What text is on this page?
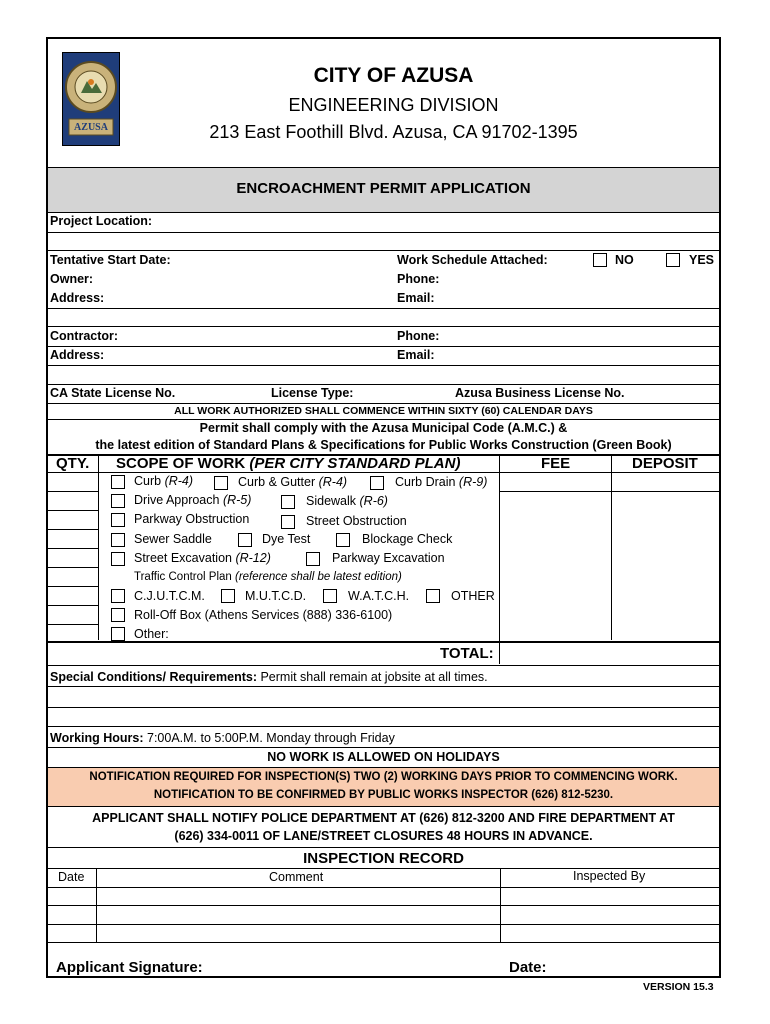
AZUSA
CITY OF AZUSA
ENGINEERING DIVISION
213 East Foothill Blvd. Azusa, CA 91702-1395
ENCROACHMENT PERMIT APPLICATION
Project Location:
Tentative Start Date:	Work Schedule Attached:	NO	YES
Owner:	Phone:
Address:	Email:
Contractor:	Phone:
Address:	Email:
CA State License No.	License Type:	Azusa Business License No.
ALL WORK AUTHORIZED SHALL COMMENCE WITHIN SIXTY (60) CALENDAR DAYS
Permit shall comply with the Azusa Municipal Code (A.M.C.) &
the latest edition of Standard Plans & Specifications for Public Works Construction (Green Book)
QTY. SCOPE OF WORK (PER CITY STANDARD PLAN)	FEE	DEPOSIT
Curb (R-4)	Curb & Gutter (R-4)	Curb Drain (R-9)
Drive Approach (R-5)	Sidewalk (R-6)
Parkway Obstruction	Street Obstruction
Sewer Saddle	Dye Test	Blockage Check
Street Excavation (R-12)	Parkway Excavation
Traffic Control Plan (reference shall be latest edition)
C.J.U.T.C.M.	M.U.T.C.D.	W.A.T.C.H.	OTHER
Roll-Off Box (Athens Services (888) 336-6100)
Other:
TOTAL:
Special Conditions/ Requirements: Permit shall remain at jobsite at all times.
Working Hours: 7:00A.M. to 5:00P.M. Monday through Friday
NO WORK IS ALLOWED ON HOLIDAYS
NOTIFICATION REQUIRED FOR INSPECTION(S) TWO (2) WORKING DAYS PRIOR TO COMMENCING WORK.
NOTIFICATION TO BE CONFIRMED BY PUBLIC WORKS INSPECTOR (626) 812-5230.
APPLICANT SHALL NOTIFY POLICE DEPARTMENT AT (626) 812-3200 AND FIRE DEPARTMENT AT
(626) 334-0011 OF LANE/STREET CLOSURES 48 HOURS IN ADVANCE.
INSPECTION RECORD
Date	Comment	Inspected By
Applicant Signature:	Date:
VERSION 15.3
